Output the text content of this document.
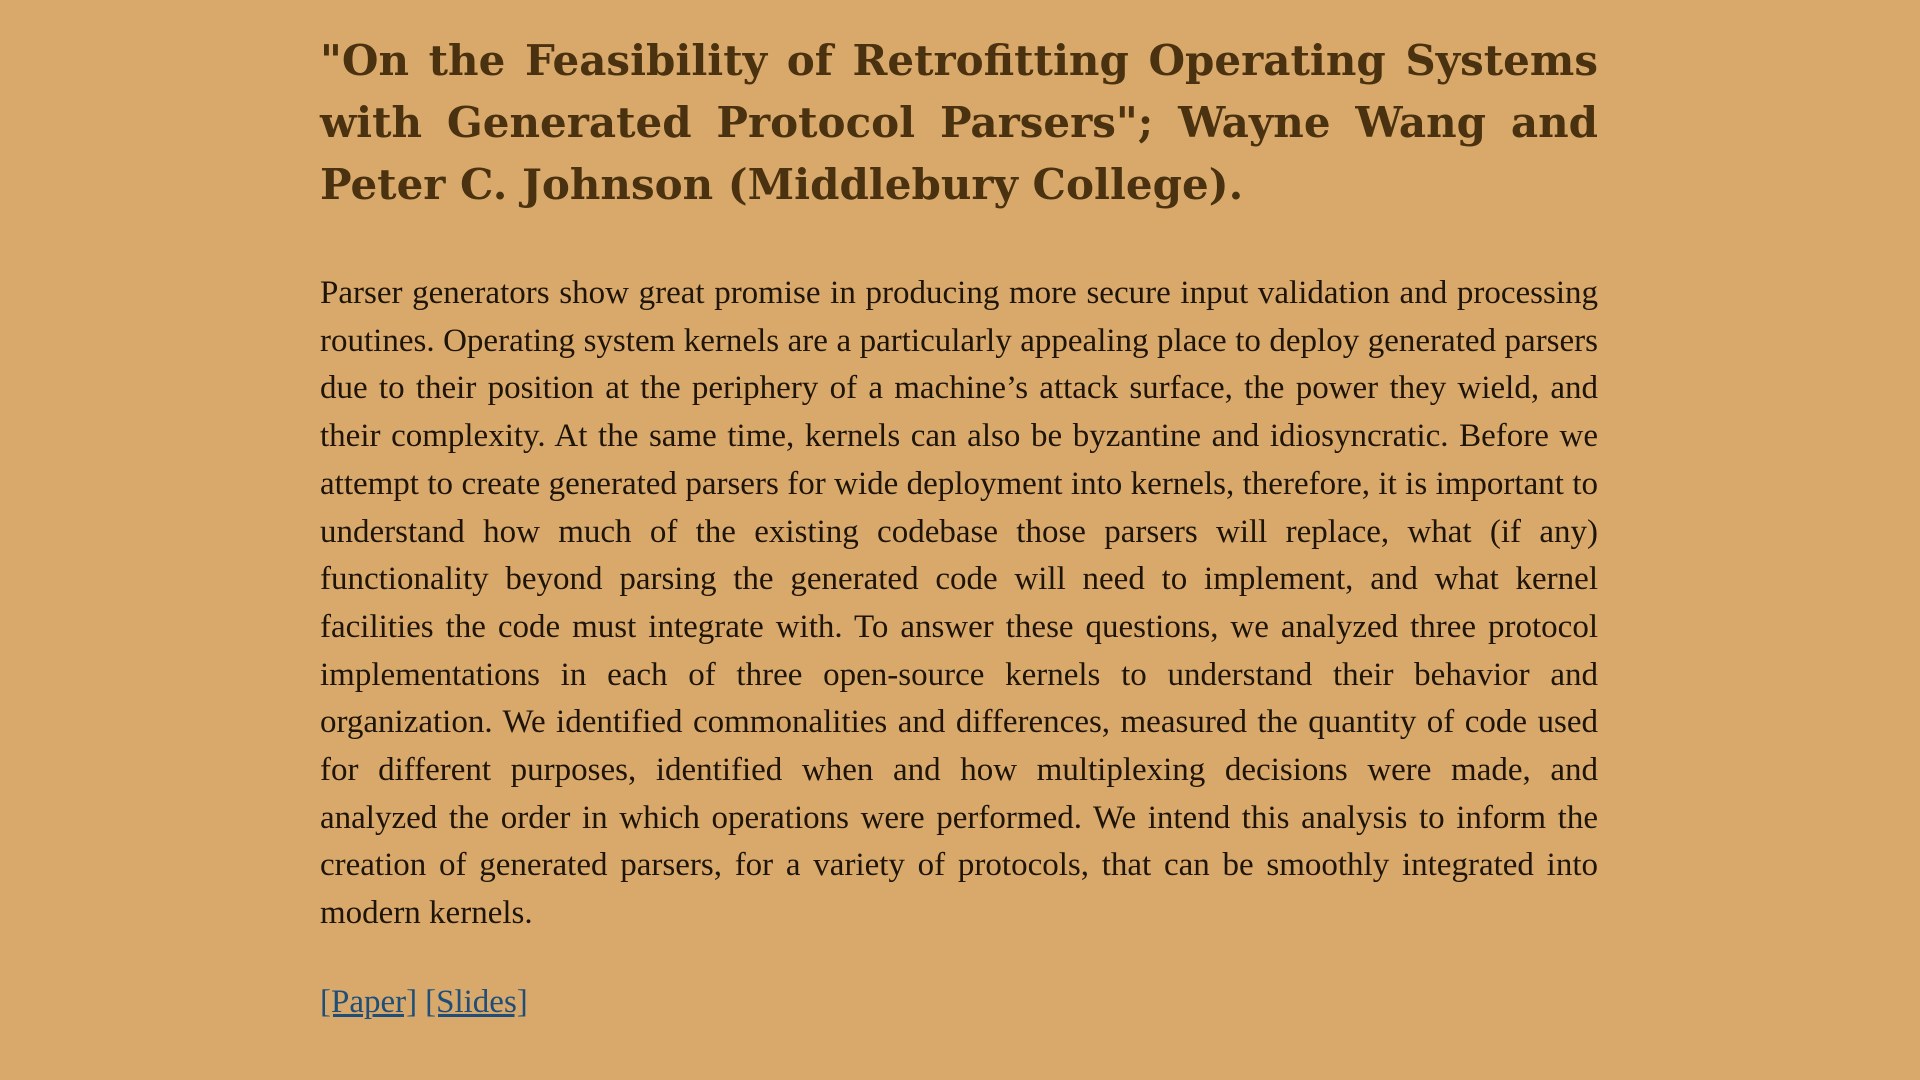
"On the Feasibility of Retrofitting Operating Systems with Generated Protocol Parsers"; Wayne Wang and Peter C. Johnson (Middlebury College).

Parser generators show great promise in producing more secure input validation and processing routines. Operating system kernels are a particularly appealing place to deploy generated parsers due to their position at the periphery of a machine’s attack surface, the power they wield, and their complexity. At the same time, kernels can also be byzantine and idiosyncratic. Before we attempt to create generated parsers for wide deployment into kernels, therefore, it is important to understand how much of the existing codebase those parsers will replace, what (if any) functionality beyond parsing the generated code will need to implement, and what kernel facilities the code must integrate with. To answer these questions, we analyzed three protocol implementations in each of three open-source kernels to understand their behavior and organization. We identified commonalities and differences, measured the quantity of code used for different purposes, identified when and how multiplexing decisions were made, and analyzed the order in which operations were performed. We intend this analysis to inform the creation of generated parsers, for a variety of protocols, that can be smoothly integrated into modern kernels.

[Paper] [Slides]
